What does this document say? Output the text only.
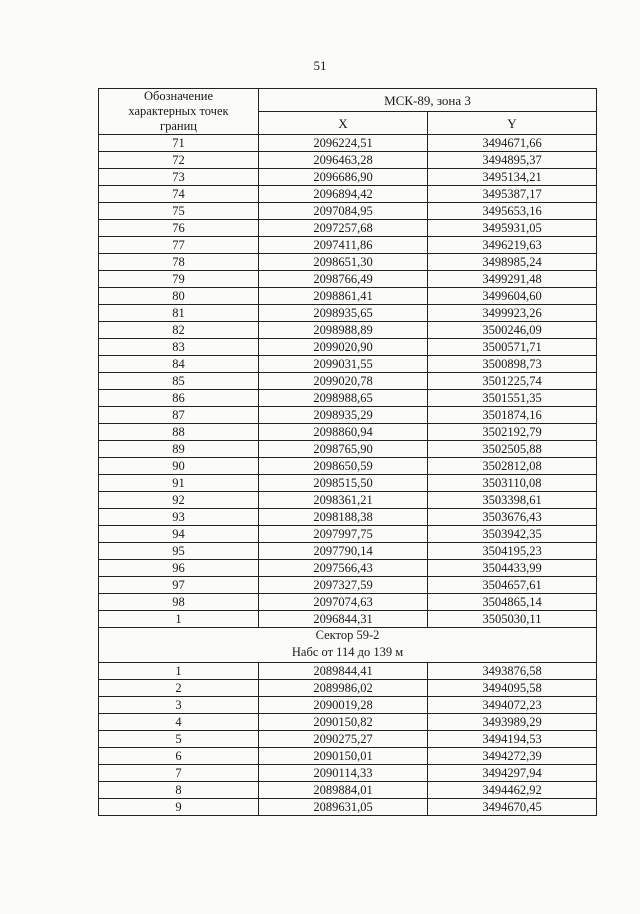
51
Обозначение
характерных точек
границ	МСК-89, зона 3	
	X	Y
71	2096224,51	3494671,66
72	2096463,28	3494895,37
73	2096686,90	3495134,21
74	2096894,42	3495387,17
75	2097084,95	3495653,16
76	2097257,68	3495931,05
77	2097411,86	3496219,63
78	2098651,30	3498985,24
79	2098766,49	3499291,48
80	2098861,41	3499604,60
81	2098935,65	3499923,26
82	2098988,89	3500246,09
83	2099020,90	3500571,71
84	2099031,55	3500898,73
85	2099020,78	3501225,74
86	2098988,65	3501551,35
87	2098935,29	3501874,16
88	2098860,94	3502192,79
89	2098765,90	3502505,88
90	2098650,59	3502812,08
91	2098515,50	3503110,08
92	2098361,21	3503398,61
93	2098188,38	3503676,43
94	2097997,75	3503942,35
95	2097790,14	3504195,23
96	2097566,43	3504433,99
97	2097327,59	3504657,61
98	2097074,63	3504865,14
1	2096844,31	3505030,11

Сектор 59-2
Набс от 114 до 139 м		

1	2089844,41	3493876,58
2	2089986,02	3494095,58
3	2090019,28	3494072,23
4	2090150,82	3493989,29
5	2090275,27	3494194,53
6	2090150,01	3494272,39
7	2090114,33	3494297,94
8	2089884,01	3494462,92
9	2089631,05	3494670,45
